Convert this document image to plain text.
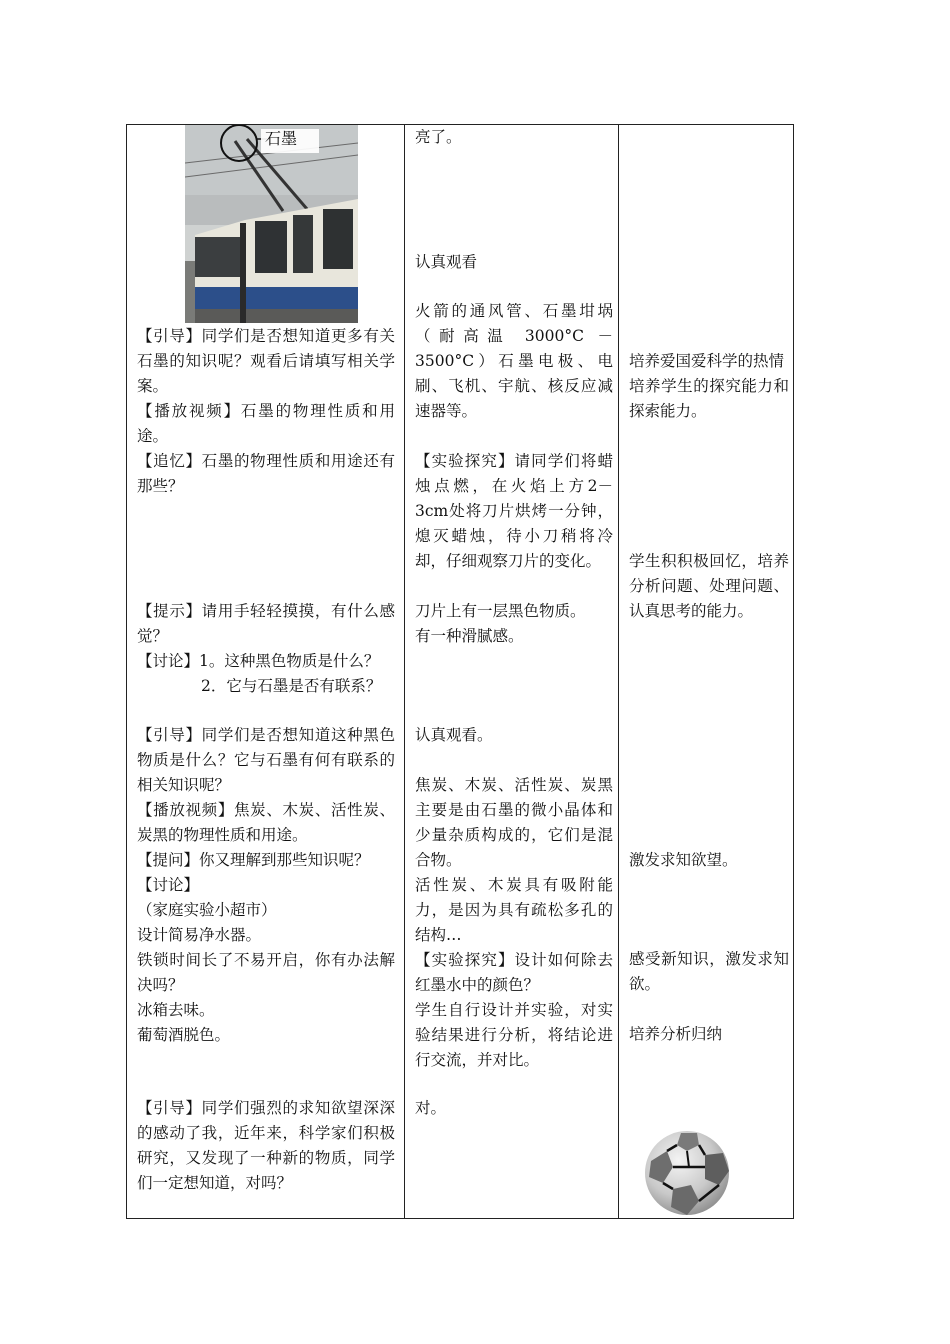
石墨
【引导】同学们是否想知道更多有关石墨的知识呢？观看后请填写相关学案。
【播放视频】石墨的物理性质和用途。
【追忆】石墨的物理性质和用途还有那些？
【提示】请用手轻轻摸摸，有什么感觉？
【讨论】1。这种黑色物质是什么？
2．它与石墨是否有联系？
【引导】同学们是否想知道这种黑色物质是什么？它与石墨有何有联系的相关知识呢？
【播放视频】焦炭、木炭、活性炭、炭黑的物理性质和用途。
【提问】你又理解到那些知识呢？
【讨论】
（家庭实验小超市）
设计简易净水器。
铁锁时间长了不易开启，你有办法解决吗？
冰箱去味。
葡萄酒脱色。
【引导】同学们强烈的求知欲望深深的感动了我，近年来，科学家们积极研究，又发现了一种新的物质，同学们一定想知道，对吗？
亮了。
认真观看
火箭的通风管、石墨坩埚（耐高温 3000°C －3500°C）石墨电极、电刷、飞机、宇航、核反应减速器等。
【实验探究】请同学们将蜡烛点燃，在火焰上方2－3cm处将刀片烘烤一分钟，熄灭蜡烛，待小刀稍将冷却，仔细观察刀片的变化。
刀片上有一层黑色物质。
有一种滑腻感。
认真观看。
焦炭、木炭、活性炭、炭黑主要是由石墨的微小晶体和少量杂质构成的，它们是混合物。
活性炭、木炭具有吸附能力，是因为具有疏松多孔的结构…
【实验探究】设计如何除去红墨水中的颜色？
学生自行设计并实验，对实验结果进行分析，将结论进行交流，并对比。
对。
培养爱国爱科学的热情
培养学生的探究能力和探索能力。
学生积积极回忆，培养分析问题、处理问题、认真思考的能力。
激发求知欲望。
感受新知识，激发求知欲。
培养分析归纳
